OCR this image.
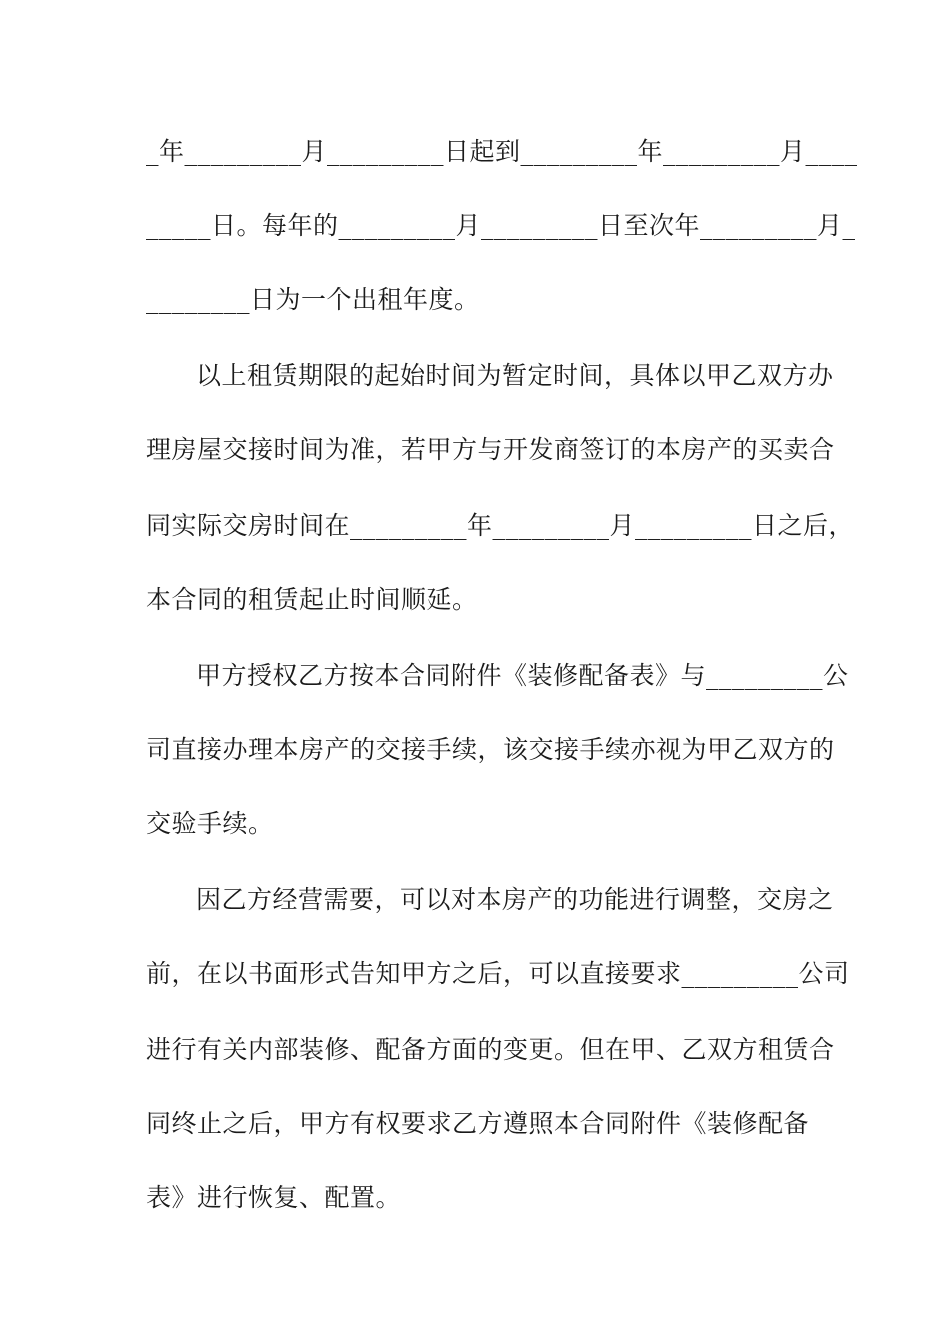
_年_________月_________日起到_________年_________月____
_____日。每年的_________月_________日至次年_________月_
________日为一个出租年度。
以上租赁期限的起始时间为暂定时间，具体以甲乙双方办
理房屋交接时间为准，若甲方与开发商签订的本房产的买卖合
同实际交房时间在_________年_________月_________日之后，
本合同的租赁起止时间顺延。
甲方授权乙方按本合同附件《装修配备表》与_________公
司直接办理本房产的交接手续，该交接手续亦视为甲乙双方的
交验手续。
因乙方经营需要，可以对本房产的功能进行调整，交房之
前，在以书面形式告知甲方之后，可以直接要求_________公司
进行有关内部装修、配备方面的变更。但在甲、乙双方租赁合
同终止之后，甲方有权要求乙方遵照本合同附件《装修配备
表》进行恢复、配置。
